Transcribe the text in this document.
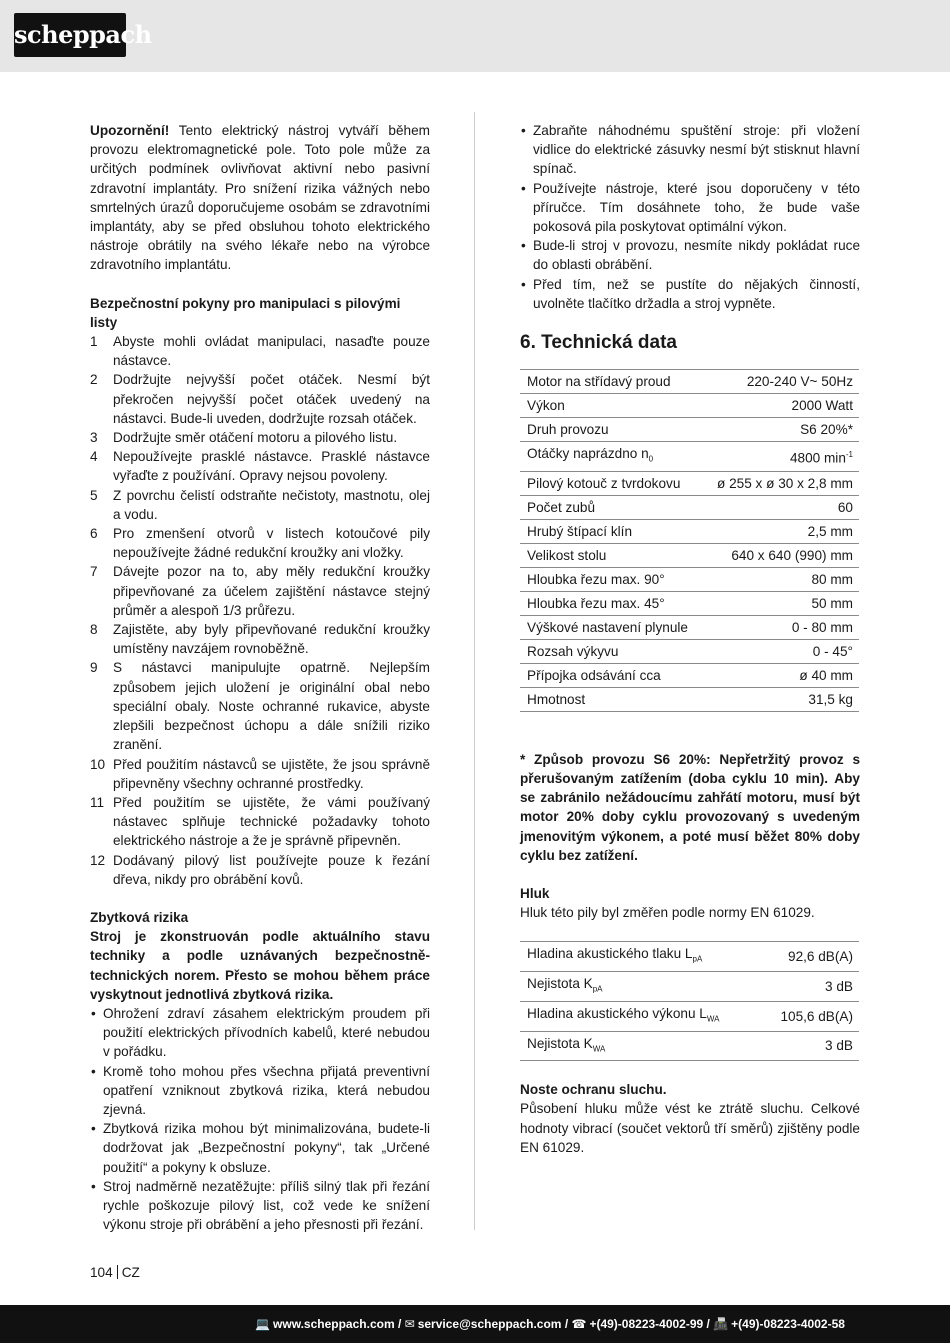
scheppach

Upozornění! Tento elektrický nástroj vytváří během provozu elektromagnetické pole. Toto pole může za určitých podmínek ovlivňovat aktivní nebo pasivní zdravotní implantáty. Pro snížení rizika vážných nebo smrtelných úrazů doporučujeme osobám se zdravotními implantáty, aby se před obsluhou tohoto elektrického nástroje obrátily na svého lékaře nebo na výrobce zdravotního implantátu.

Bezpečnostní pokyny pro manipulaci s pilovými listy

1 Abyste mohli ovládat manipulaci, nasaďte pouze nástavce.
2 Dodržujte nejvyšší počet otáček. Nesmí být překročen nejvyšší počet otáček uvedený na nástavci. Bude-li uveden, dodržujte rozsah otáček.
3 Dodržujte směr otáčení motoru a pilového listu.
4 Nepoužívejte prasklé nástavce. Prasklé nástavce vyřaďte z používání. Opravy nejsou povoleny.
5 Z povrchu čelistí odstraňte nečistoty, mastnotu, olej a vodu.
6 Pro zmenšení otvorů v listech kotoučové pily nepoužívejte žádné redukční kroužky ani vložky.
7 Dávejte pozor na to, aby měly redukční kroužky připevňované za účelem zajištění nástavce stejný průměr a alespoň 1/3 průřezu.
8 Zajistěte, aby byly připevňované redukční kroužky umístěny navzájem rovnoběžně.
9 S nástavci manipulujte opatrně. Nejlepším způsobem jejich uložení je originální obal nebo speciální obaly. Noste ochranné rukavice, abyste zlepšili bezpečnost úchopu a dále snížili riziko zranění.
10 Před použitím nástavců se ujistěte, že jsou správně připevněny všechny ochranné prostředky.
11 Před použitím se ujistěte, že vámi používaný nástavec splňuje technické požadavky tohoto elektrického nástroje a že je správně připevněn.
12 Dodávaný pilový list používejte pouze k řezání dřeva, nikdy pro obrábění kovů.

Zbytková rizika

Stroj je zkonstruován podle aktuálního stavu techniky a podle uznávaných bezpečnostně-technických norem. Přesto se mohou během práce vyskytnout jednotlivá zbytková rizika.

• Ohrožení zdraví zásahem elektrickým proudem při použití elektrických přívodních kabelů, které nebudou v pořádku.
• Kromě toho mohou přes všechna přijatá preventivní opatření vzniknout zbytková rizika, která nebudou zjevná.
• Zbytková rizika mohou být minimalizována, budete-li dodržovat jak „Bezpečnostní pokyny“, tak „Určené použití“ a pokyny k obsluze.
• Stroj nadměrně nezatěžujte: příliš silný tlak při řezání rychle poškozuje pilový list, což vede ke snížení výkonu stroje při obrábění a jeho přesnosti při řezání.
• Zabraňte náhodnému spuštění stroje: při vložení vidlice do elektrické zásuvky nesmí být stisknut hlavní spínač.
• Používejte nástroje, které jsou doporučeny v této příručce. Tím dosáhnete toho, že bude vaše pokosová pila poskytovat optimální výkon.
• Bude-li stroj v provozu, nesmíte nikdy pokládat ruce do oblasti obrábění.
• Před tím, než se pustíte do nějakých činností, uvolněte tlačítko držadla a stroj vypněte.
6. Technická data
Motor na střídavý proud	220-240 V~ 50Hz
Výkon	2000 Watt
Druh provozu	S6 20%*
Otáčky naprázdno $n_0$	4800 $\min^{-1}$
Pilový kotouč z tvrdokovu	ø 255 x ø 30 x 2,8 mm
Počet zubů	60
Hrubý štípací klín	2,5 mm
Velikost stolu	640 x 640 (990) mm
Hloubka řezu max. 90°	80 mm
Hloubka řezu max. 45°	50 mm
Výškové nastavení plynule	0 - 80 mm
Rozsah výkyvu	0 - 45°
Přípojka odsávání cca	ø 40 mm
Hmotnost	31,5 kg

* Způsob provozu S6 20%: Nepřetržitý provoz s přerušovaným zatížením (doba cyklu 10 min). Aby se zabránilo nežádoucímu zahřátí motoru, musí být motor 20% doby cyklu provozovaný s uvedeným jmenovitým výkonem, a poté musí běžet 80% doby cyklu bez zatížení.

Hluk

Hluk této pily byl změřen podle normy EN 61029.

Hladina akustického tlaku $L_{pA}$	92,6 dB(A)
Nejistota $K_{pA}$	3 dB
Hladina akustického výkonu $L_{WA}$	105,6 dB(A)
Nejistota $K_{WA}$	3 dB

Noste ochranu sluchu.

Působení hluku může vést ke ztrátě sluchu. Celkové hodnoty vibrací (součet vektorů tří směrů) zjištěny podle EN 61029.

104 CZ
💻 www.scheppach.com / ✉ service@scheppach.com / ☎ +(49)-08223-4002-99 / 📠 +(49)-08223-4002-58
